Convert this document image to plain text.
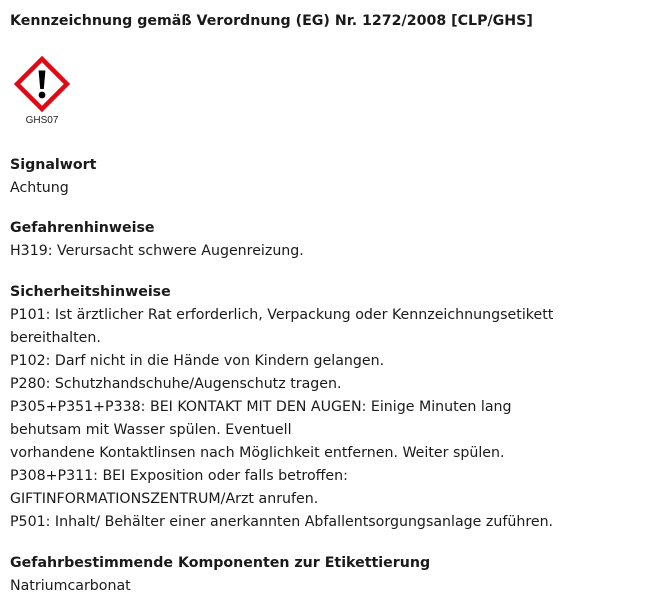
Kennzeichnung gemäß Verordnung (EG) Nr. 1272/2008 [CLP/GHS]
GHS07
Signalwort
Achtung
Gefahrenhinweise
H319: Verursacht schwere Augenreizung.
Sicherheitshinweise
P101: Ist ärztlicher Rat erforderlich, Verpackung oder Kennzeichnungsetikett
bereithalten.
P102: Darf nicht in die Hände von Kindern gelangen.
P280: Schutzhandschuhe/Augenschutz tragen.
P305+P351+P338: BEI KONTAKT MIT DEN AUGEN: Einige Minuten lang
behutsam mit Wasser spülen. Eventuell
vorhandene Kontaktlinsen nach Möglichkeit entfernen. Weiter spülen.
P308+P311: BEI Exposition oder falls betroffen:
GIFTINFORMATIONSZENTRUM/Arzt anrufen.
P501: Inhalt/ Behälter einer anerkannten Abfallentsorgungsanlage zuführen.
Gefahrbestimmende Komponenten zur Etikettierung
Natriumcarbonat
